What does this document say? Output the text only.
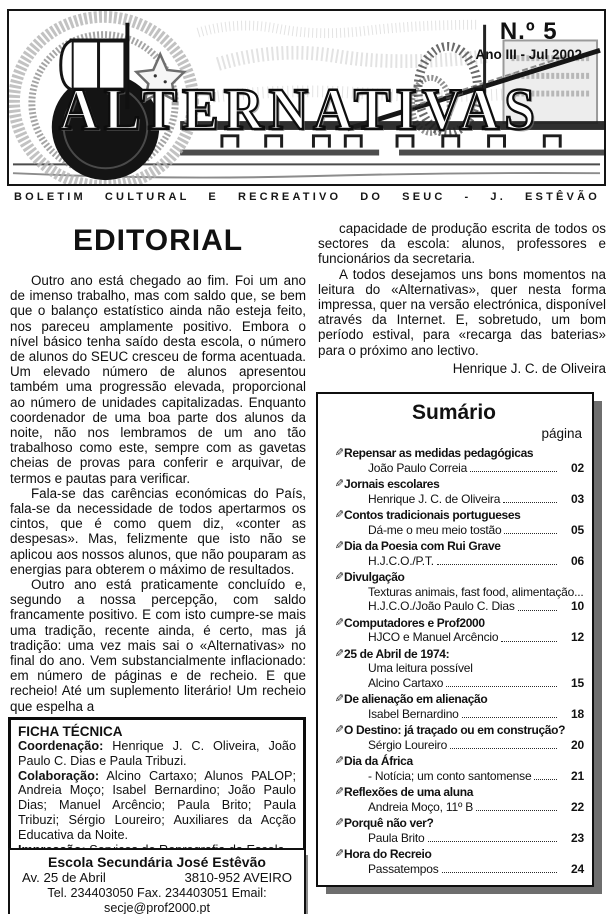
N.º 5
Ano III - Jul 2002
ALTERNATIVAS
BOLETIM CULTURAL E RECREATIVO DO SEUC - J. ESTÊVÃO
EDITORIAL

Outro ano está chegado ao fim. Foi um ano de imenso trabalho, mas com saldo que, se bem que o balanço estatístico ainda não esteja feito, nos pareceu amplamente positivo. Embora o nível básico tenha saído desta escola, o número de alunos do SEUC cresceu de forma acentuada. Um elevado número de alunos apresentou também uma progressão elevada, proporcional ao número de unidades capitalizadas. Enquanto coordenador de uma boa parte dos alunos da noite, não nos lembramos de um ano tão trabalhoso como este, sempre com as gavetas cheias de provas para conferir e arquivar, de termos e pautas para verificar.

Fala-se das carências económicas do País, fala-se da necessidade de todos apertarmos os cintos, que é como quem diz, «conter as despesas». Mas, felizmente que isto não se aplicou aos nossos alunos, que não pouparam as energias para obterem o máximo de resultados.

Outro ano está praticamente concluído e, segundo a nossa percepção, com saldo francamente positivo. E com isto cumpre-se mais uma tradição, recente ainda, é certo, mas já tradição: uma vez mais sai o «Alternativas» no final do ano. Vem substancialmente inflacionado: em número de páginas e de recheio. E que recheio! Até um suplemento literário! Um recheio que espelha a

capacidade de produção escrita de todos os sectores da escola: alunos, professores e funcionários da secretaria.

A todos desejamos uns bons momentos na leitura do «Alternativas», quer nesta forma impressa, quer na versão electrónica, disponível através da Internet. E, sobretudo, um bom período estival, para «recarga das baterias» para o próximo ano lectivo.

Henrique J. C. de Oliveira
Sumário
página
✎ Repensar as medidas pedagógicas
João Paulo Correia	02
✎ Jornais escolares
Henrique J. C. de Oliveira	03
✎ Contos tradicionais portugueses
Dá-me o meu meio tostão	05
✎ Dia da Poesia com Rui Grave
H.J.C.O./P.T.	06
✎ Divulgação
Texturas animais, fast food, alimentação...
H.J.C.O./João Paulo C. Dias	10
✎ Computadores e Prof2000
HJCO e Manuel Arcêncio	12
✎ 25 de Abril de 1974:
Uma leitura possível
Alcino Cartaxo	15
✎ De alienação em alienação
Isabel Bernardino	18
✎ O Destino: já traçado ou em construção?
Sérgio Loureiro	20
✎ Dia da África
- Notícia; um conto santomense	21
✎ Reflexões de uma aluna
Andreia Moço, 11º B	22
✎ Porquê não ver?
Paula Brito	23
✎ Hora do Recreio
Passatempos	24
FICHA TÉCNICA

Coordenação: Henrique J. C. Oliveira, João Paulo C. Dias e Paula Tribuzi.

Colaboração: Alcino Cartaxo; Alunos PALOP; Andreia Moço; Isabel Bernardino; João Paulo Dias; Manuel Arcêncio; Paula Brito; Paula Tribuzi; Sérgio Loureiro; Auxiliares da Acção Educativa da Noite.

Escola Secundária José Estêvão
Av. 25 de Abril	3810-952 AVEIRO
Tel. 234403050 Fax. 234403051 Email: secje@prof2000.pt
